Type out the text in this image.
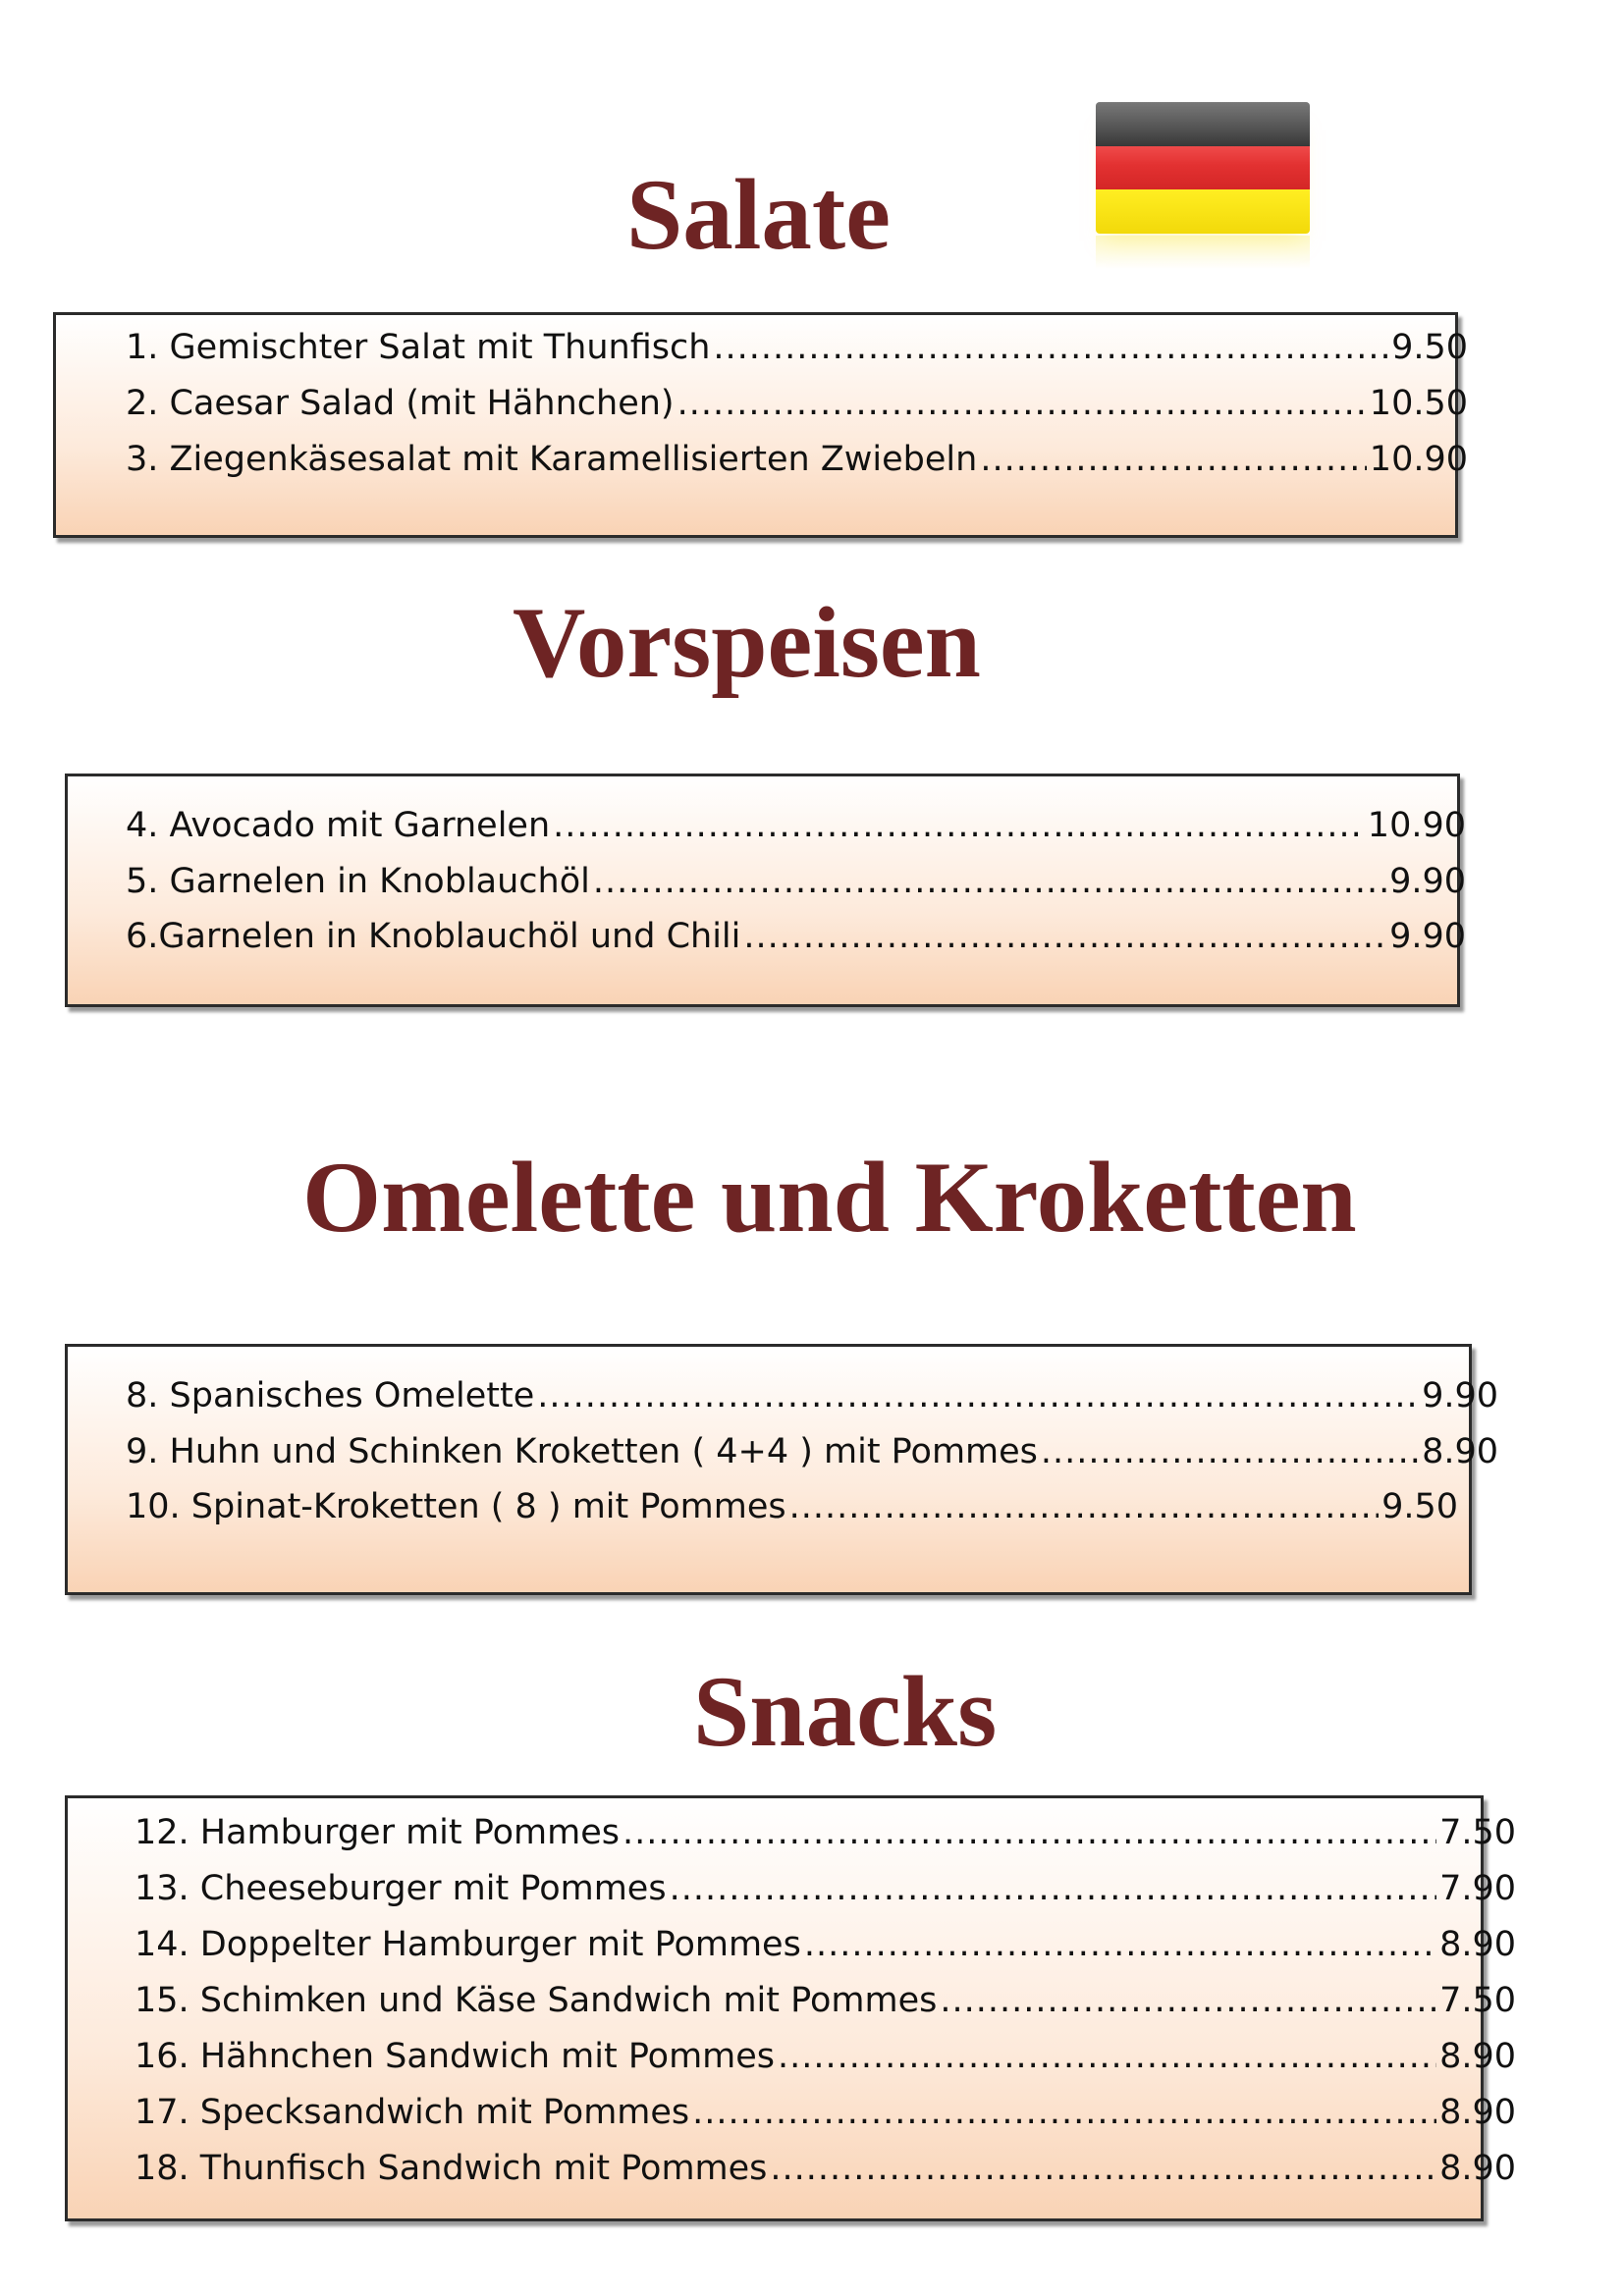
Salate
Vorspeisen
Omelette und Kroketten
Snacks
1. Gemischter Salat mit Thunfisch .....	9.50
2. Caesar Salad (mit Hähnchen) .....	10.50
3. Ziegenkäsesalat mit Karamellisierten Zwiebeln .....	10.90
4. Avocado mit Garnelen .....	10.90
5. Garnelen in Knoblauchöl .....	9.90
6.Garnelen in Knoblauchöl und Chili .....	9.90
8. Spanisches Omelette .....	9.90
9. Huhn und Schinken Kroketten ( 4+4 ) mit Pommes .....	8.90
10. Spinat-Kroketten ( 8 ) mit Pommes .....	9.50
12. Hamburger mit Pommes .....	7.50
13. Cheeseburger mit Pommes .....	7.90
14. Doppelter Hamburger mit Pommes .....	8.90
15. Schimken und Käse Sandwich mit Pommes .....	7.50
16. Hähnchen Sandwich mit Pommes .....	8.90
17. Specksandwich mit Pommes .....	8.90
18. Thunfisch Sandwich mit Pommes .....	8.90
